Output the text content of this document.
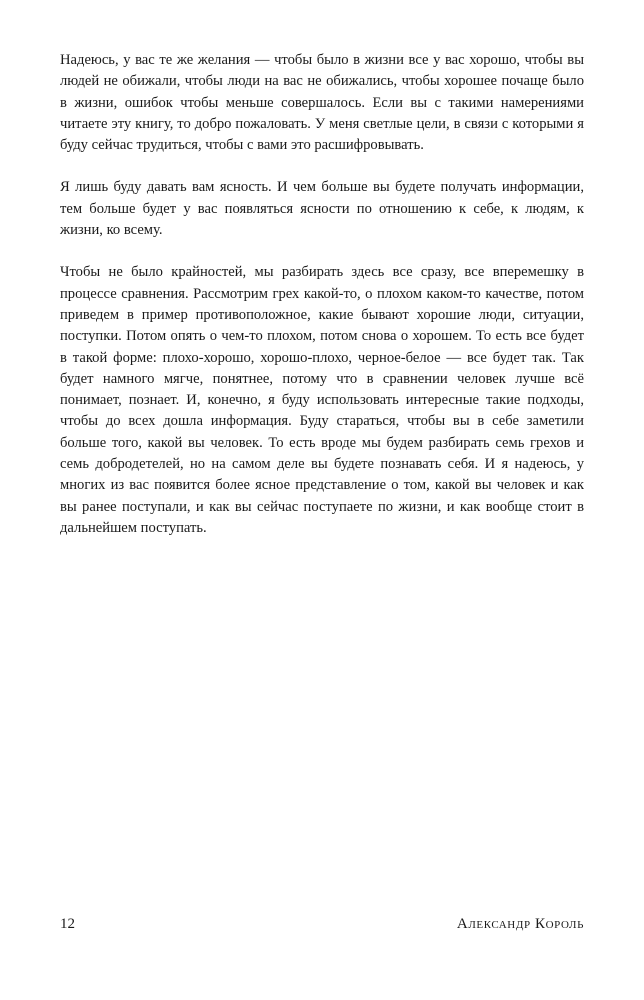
Надеюсь, у вас те же желания — чтобы было в жизни все у вас хорошо, чтобы вы людей не обижали, чтобы люди на вас не обижались, чтобы хорошее почаще было в жизни, ошибок чтобы меньше совершалось. Если вы с такими намерениями читаете эту книгу, то добро пожаловать. У меня светлые цели, в связи с которыми я буду сейчас трудиться, чтобы с вами это расшифровывать.

Я лишь буду давать вам ясность. И чем больше вы будете получать информации, тем больше будет у вас появляться ясности по отношению к себе, к людям, к жизни, ко всему.

Чтобы не было крайностей, мы разбирать здесь все сразу, все вперемешку в процессе сравнения. Рассмотрим грех какой-то, о плохом каком-то качестве, потом приведем в пример противоположное, какие бывают хорошие люди, ситуации, поступки. Потом опять о чем-то плохом, потом снова о хорошем. То есть все будет в такой форме: плохо-хорошо, хорошо-плохо, черное-белое — все будет так. Так будет намного мягче, понятнее, потому что в сравнении человек лучше всё понимает, познает. И, конечно, я буду использовать интересные такие подходы, чтобы до всех дошла информация. Буду стараться, чтобы вы в себе заметили больше того, какой вы человек. То есть вроде мы будем разбирать семь грехов и семь добродетелей, но на самом деле вы будете познавать себя. И я надеюсь, у многих из вас появится более ясное представление о том, какой вы человек и как вы ранее поступали, и как вы сейчас поступаете по жизни, и как вообще стоит в дальнейшем поступать.

12	Александр Король
